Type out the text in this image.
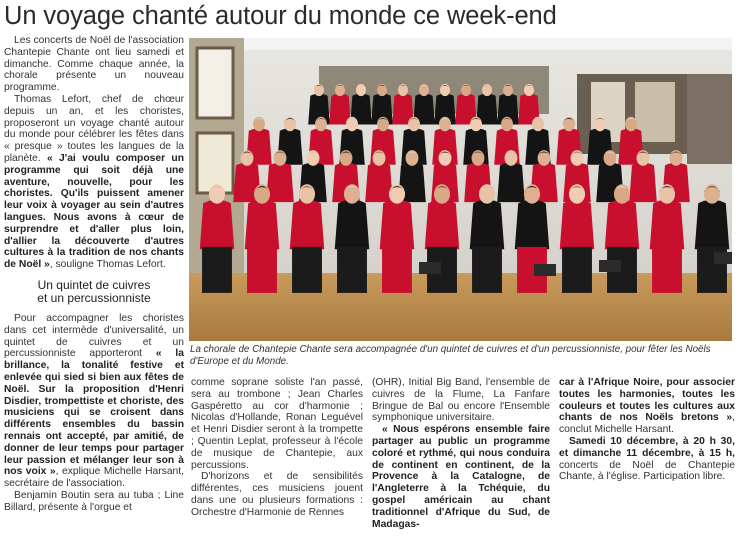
Un voyage chanté autour du monde ce week-end

Les concerts de Noël de l'association Chantepie Chante ont lieu samedi et dimanche. Comme chaque année, la chorale présente un nouveau programme.

Thomas Lefort, chef de chœur depuis un an, et les choristes, proposeront un voyage chanté autour du monde pour célébrer les fêtes dans « presque » toutes les langues de la planète. « J'ai voulu composer un programme qui soit déjà une aventure, nouvelle, pour les choristes. Qu'ils puissent amener leur voix à voyager au sein d'autres langues. Nous avons à cœur de surprendre et d'aller plus loin, d'allier la découverte d'autres cultures à la tradition de nos chants de Noël », souligne Thomas Lefort.

Un quintet de cuivres
et un percussionniste

Pour accompagner les choristes dans cet intermède d'universalité, un quintet de cuivres et un percussionniste apporteront « la brillance, la tonalité festive et enlevée qui sied si bien aux fêtes de Noël. Sur la proposition d'Henri Disdier, trompettiste et choriste, des musiciens qui se croisent dans différents ensembles du bassin rennais ont accepté, par amitié, de donner de leur temps pour partager leur passion et mélanger leur son à nos voix », explique Michelle Harsant, secrétaire de l'association.

Benjamin Boutin sera au tuba ; Line Billard, présente à l'orgue et

La chorale de Chantepie Chante sera accompagnée d'un quintet de cuivres et d'un percussionniste, pour fêter les Noëls d'Europe et du Monde.

comme soprane soliste l'an passé, sera au trombone ; Jean Charles Gaspéretto au cor d'harmonie ; Nicolas d'Hollande, Ronan Leguével et Henri Disdier seront à la trompette ; Quentin Leplat, professeur à l'école de musique de Chantepie, aux percussions.

D'horizons et de sensibilités différentes, ces musiciens jouent dans une ou plusieurs formations : Orchestre d'Harmonie de Rennes

(OHR), Initial Big Band, l'ensemble de cuivres de la Flume, La Fanfare Bringue de Bal ou encore l'Ensemble symphonique universitaire.

« Nous espérons ensemble faire partager au public un programme coloré et rythmé, qui nous conduira de continent en continent, de la Provence à la Catalogne, de l'Angleterre à la Tchéquie, du gospel américain au chant traditionnel d'Afrique du Sud, de Madagas-

car à l'Afrique Noire, pour associer toutes les harmonies, toutes les couleurs et toutes les cultures aux chants de nos Noëls bretons », conclut Michelle Harsant.

Samedi 10 décembre, à 20 h 30, et dimanche 11 décembre, à 15 h, concerts de Noël de Chantepie Chante, à l'église. Participation libre.
